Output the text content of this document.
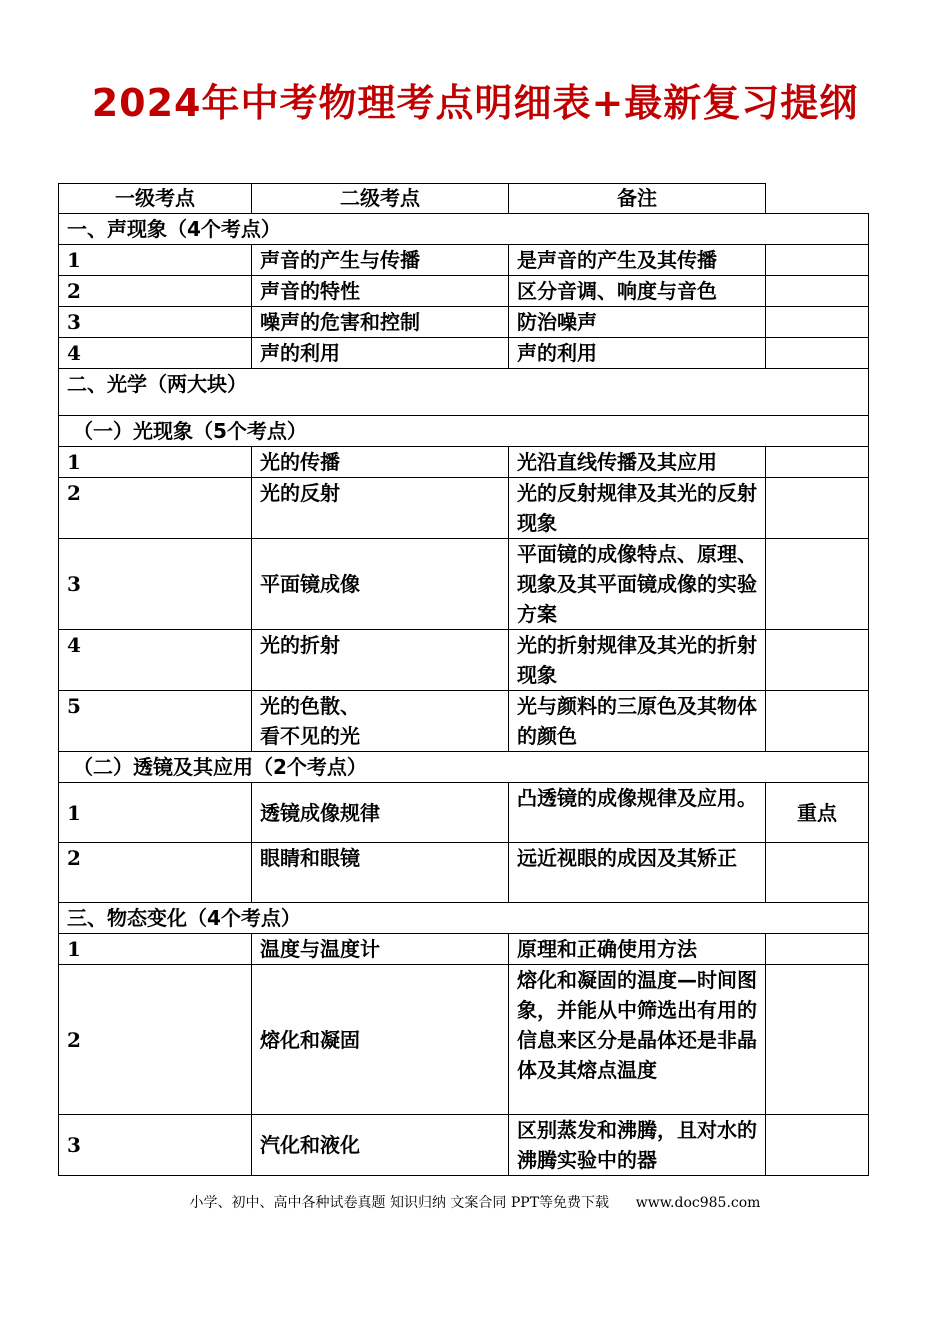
2024年中考物理考点明细表+最新复习提纲
一级考点	二级考点	备注	
一、声现象（4个考点）			
1	声音的产生与传播	是声音的产生及其传播	
2	声音的特性	区分音调、响度与音色	
3	噪声的危害和控制	防治噪声	
4	声的利用	声的利用	
二、光学（两大块）			
（一）光现象（5个考点）			
1	光的传播	光沿直线传播及其应用	
2	光的反射	光的反射规律及其光的反射现象	
3	平面镜成像	平面镜的成像特点、原理、现象及其平面镜成像的实验方案	
4	光的折射	光的折射规律及其光的折射现象	
5	光的色散、
看不见的光	光与颜料的三原色及其物体的颜色	
（二）透镜及其应用（2个考点）			
1	透镜成像规律	凸透镜的成像规律及应用。	重点
2	眼睛和眼镜	远近视眼的成因及其矫正	
三、物态变化（4个考点）			
1	温度与温度计	原理和正确使用方法	
2	熔化和凝固	熔化和凝固的温度—时间图象，并能从中筛选出有用的信息来区分是晶体还是非晶体及其熔点温度	
3	汽化和液化	区别蒸发和沸腾，且对水的沸腾实验中的器	
小学、初中、高中各种试卷真题 知识归纳 文案合同 PPT等免费下载 www.doc985.com
